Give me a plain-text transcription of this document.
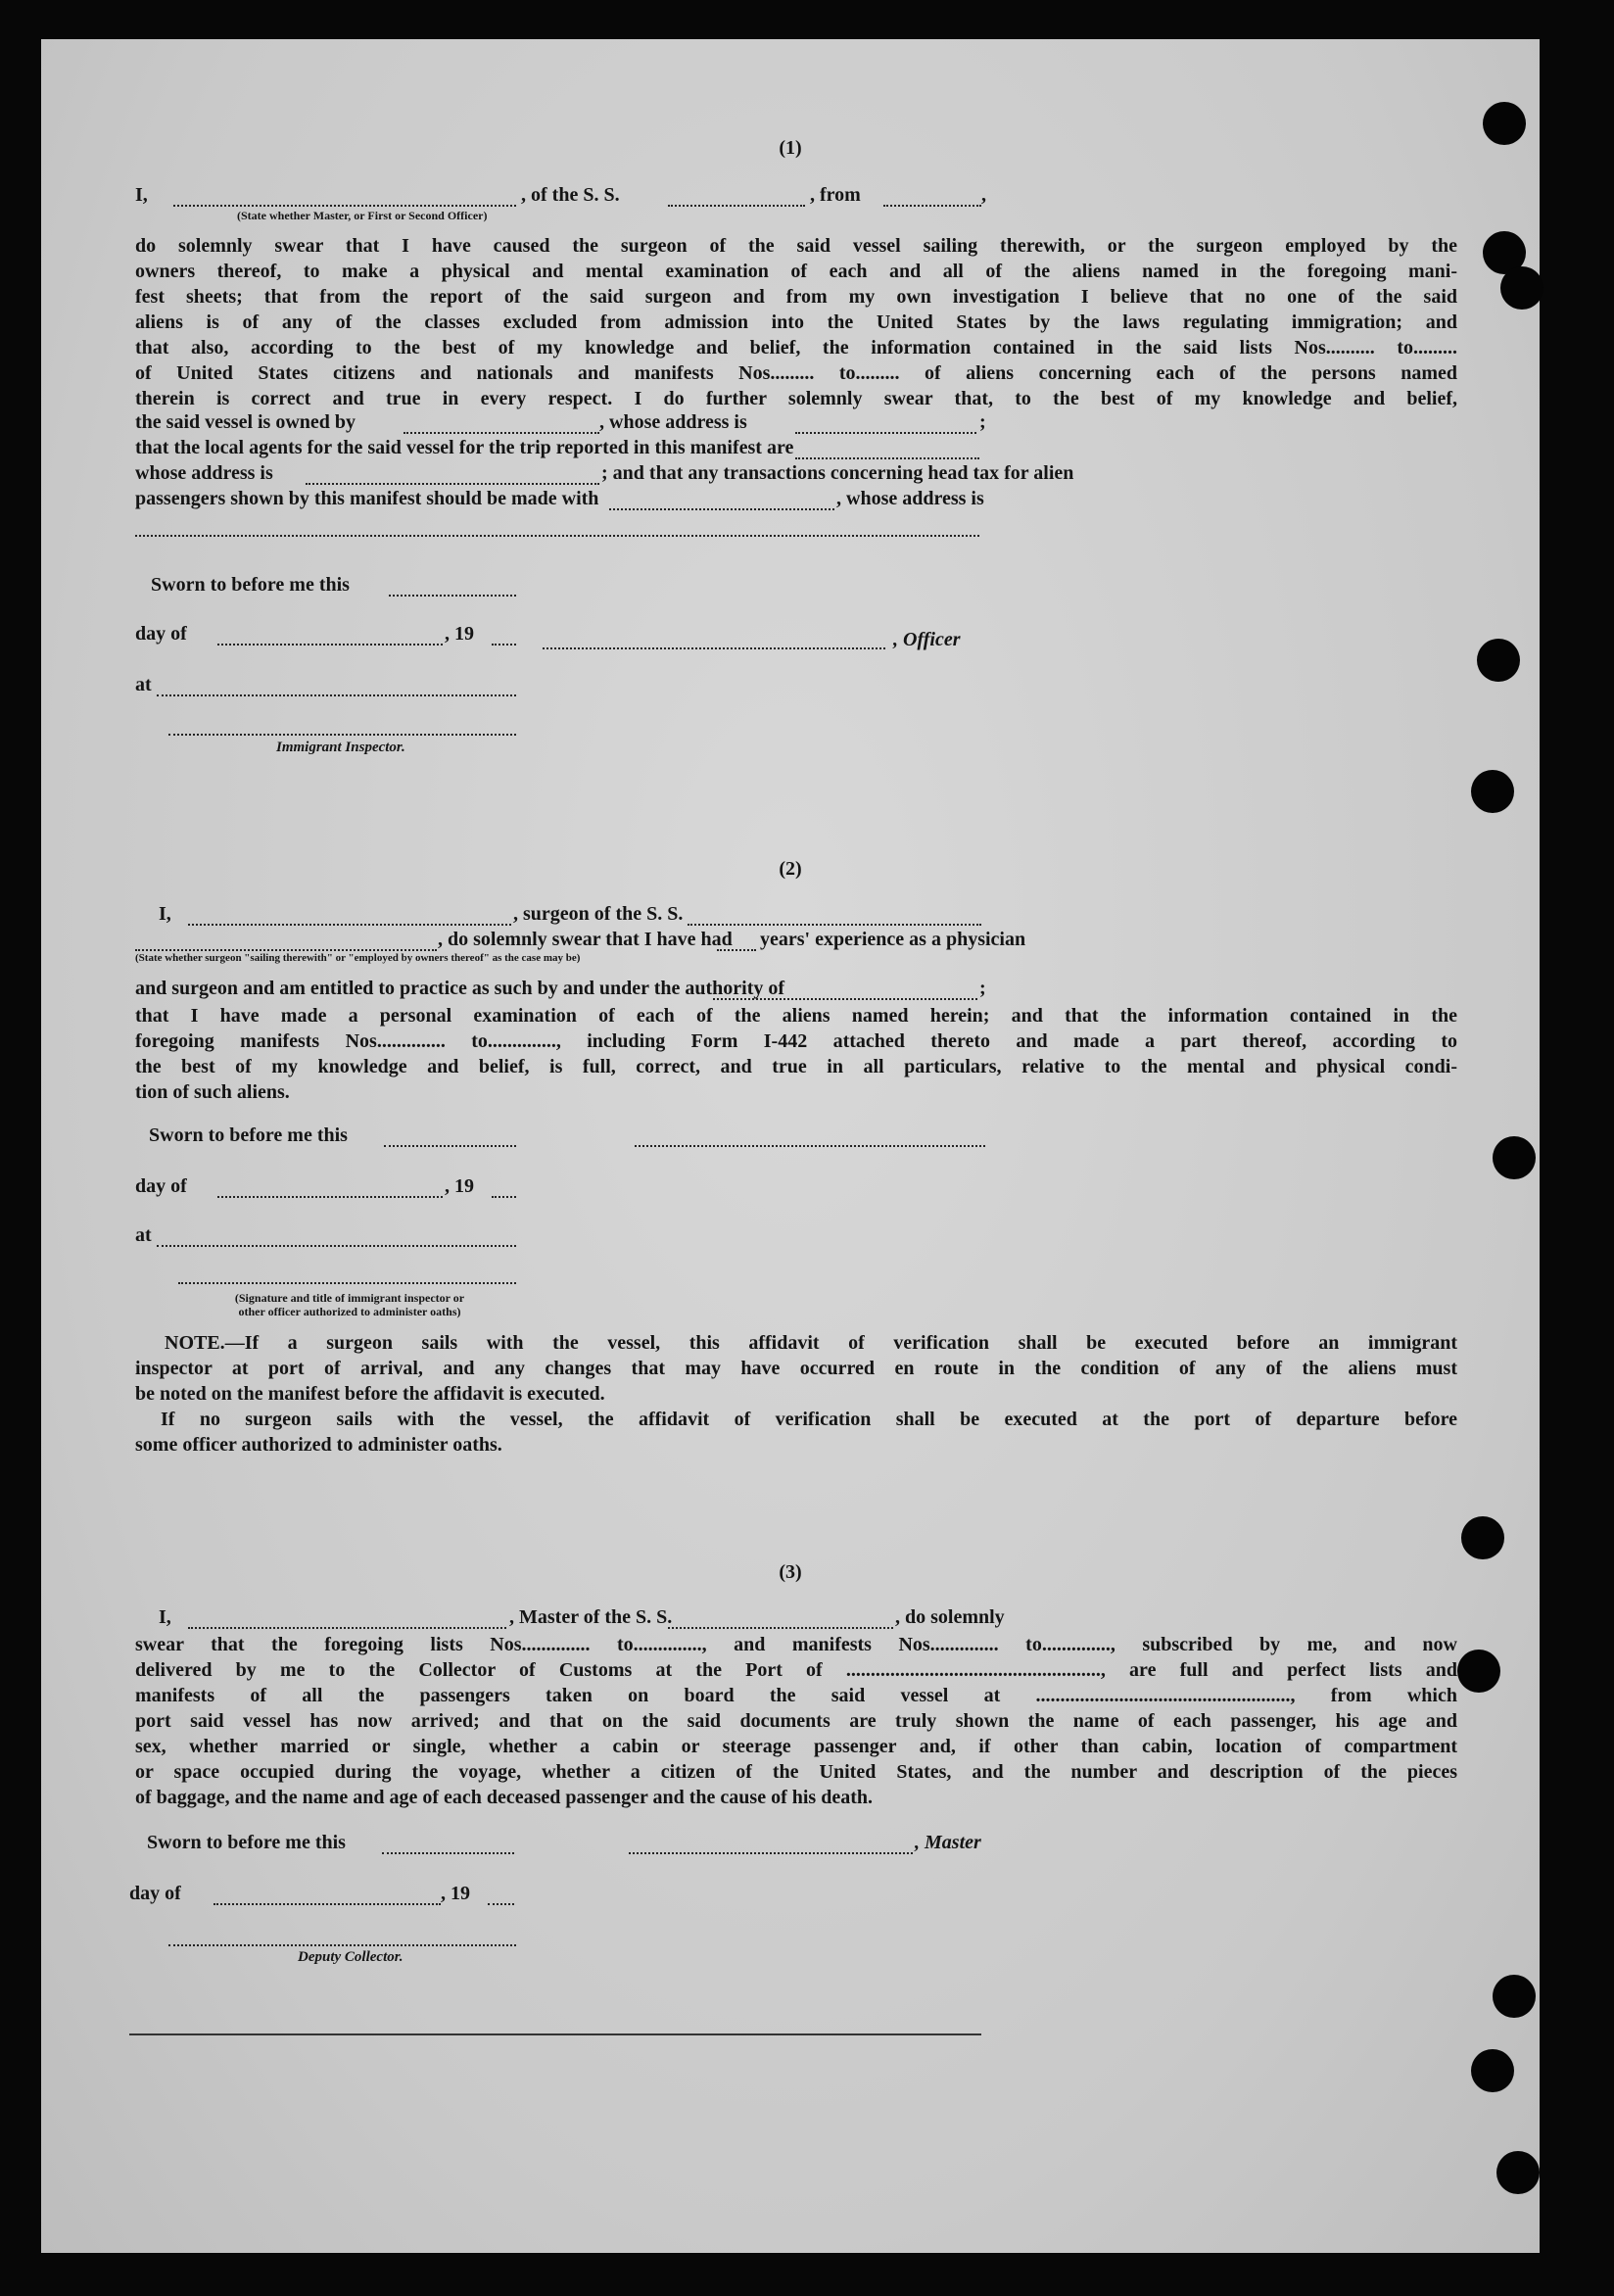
(1)
I,	, of the S. S.	, from	,
(State whether Master, or First or Second Officer)
do solemnly swear that I have caused the surgeon of the said vessel sailing therewith, or the surgeon employed by the
owners thereof, to make a physical and mental examination of each and all of the aliens named in the foregoing mani-
fest sheets; that from the report of the said surgeon and from my own investigation I believe that no one of the said
aliens is of any of the classes excluded from admission into the United States by the laws regulating immigration; and
that also, according to the best of my knowledge and belief, the information contained in the said lists Nos.......... to.........
of United States citizens and nationals and manifests Nos......... to......... of aliens concerning each of the persons named
therein is correct and true in every respect. I do further solemnly swear that, to the best of my knowledge and belief,
the said vessel is owned by	, whose address is	;
that the local agents for the said vessel for the trip reported in this manifest are
whose address is	; and that any transactions concerning head tax for alien
passengers shown by this manifest should be made with	, whose address is
Sworn to before me this
day of	, 19
at
, Officer
Immigrant Inspector.
(2)
I,	, surgeon of the S. S.
, do solemnly swear that I have had years' experience as a physician
(State whether surgeon "sailing therewith" or "employed by owners thereof" as the case may be)
and surgeon and am entitled to practice as such by and under the authority of	;
that I have made a personal examination of each of the aliens named herein; and that the information contained in the
foregoing manifests Nos.............. to.............., including Form I-442 attached thereto and made a part thereof, according to
the best of my knowledge and belief, is full, correct, and true in all particulars, relative to the mental and physical condi-
tion of such aliens.
Sworn to before me this
day of	, 19
at
(Signature and title of immigrant inspector or other officer authorized to administer oaths)
NOTE.—If a surgeon sails with the vessel, this affidavit of verification shall be executed before an immigrant
inspector at port of arrival, and any changes that may have occurred en route in the condition of any of the aliens must
be noted on the manifest before the affidavit is executed.
If no surgeon sails with the vessel, the affidavit of verification shall be executed at the port of departure before
some officer authorized to administer oaths.
(3)
I,	, Master of the S. S.	, do solemnly
swear that the foregoing lists Nos.............. to.............., and manifests Nos.............. to.............., subscribed by me, and now
delivered by me to the Collector of Customs at the Port of ...................................................., are full and perfect lists and
manifests of all the passengers taken on board the said vessel at ...................................................., from which
port said vessel has now arrived; and that on the said documents are truly shown the name of each passenger, his age and
sex, whether married or single, whether a cabin or steerage passenger and, if other than cabin, location of compartment
or space occupied during the voyage, whether a citizen of the United States, and the number and description of the pieces
of baggage, and the name and age of each deceased passenger and the cause of his death.
Sworn to before me this	, Master
day of	, 19
Deputy Collector.
